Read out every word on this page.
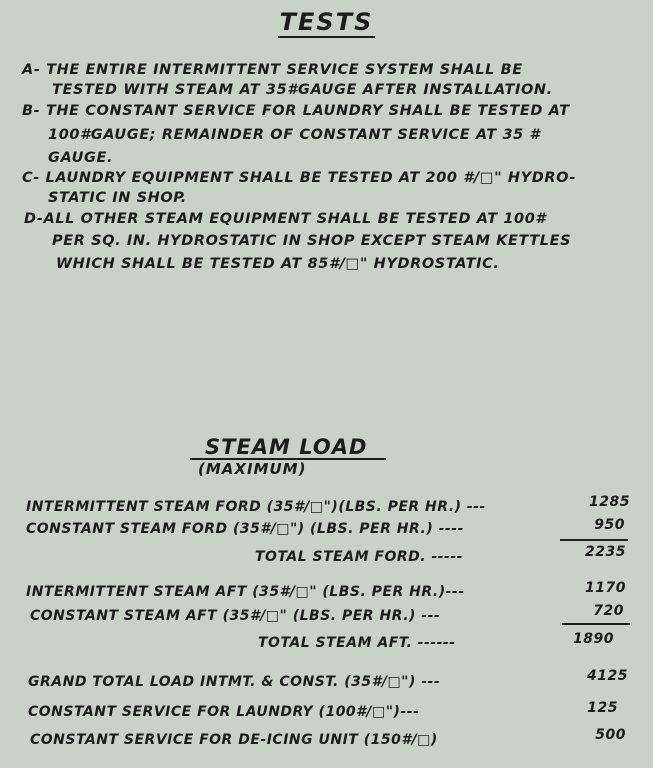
TESTS
A- THE ENTIRE INTERMITTENT SERVICE SYSTEM SHALL BE
TESTED WITH STEAM AT 35#GAUGE AFTER INSTALLATION.
B- THE CONSTANT SERVICE FOR LAUNDRY SHALL BE TESTED AT
100#GAUGE; REMAINDER OF CONSTANT SERVICE AT 35 #
GAUGE.
C- LAUNDRY EQUIPMENT SHALL BE TESTED AT 200 #/□" HYDRO-
STATIC IN SHOP.
D-ALL OTHER STEAM EQUIPMENT SHALL BE TESTED AT 100#
PER SQ. IN. HYDROSTATIC IN SHOP EXCEPT STEAM KETTLES
WHICH SHALL BE TESTED AT 85#/□" HYDROSTATIC.
STEAM LOAD
(MAXIMUM)
INTERMITTENT STEAM FORD (35#/□")(LBS. PER HR.) ---	1285
CONSTANT STEAM FORD (35#/□") (LBS. PER HR.) ----	950
TOTAL STEAM FORD. -----	2235
INTERMITTENT STEAM AFT (35#/□" (LBS. PER HR.)---	1170
CONSTANT STEAM AFT (35#/□" (LBS. PER HR.) ---	720
TOTAL STEAM AFT. ------	1890
GRAND TOTAL LOAD INTMT. & CONST. (35#/□") ---	4125
CONSTANT SERVICE FOR LAUNDRY (100#/□")---	125
CONSTANT SERVICE FOR DE-ICING UNIT (150#/□)	500
